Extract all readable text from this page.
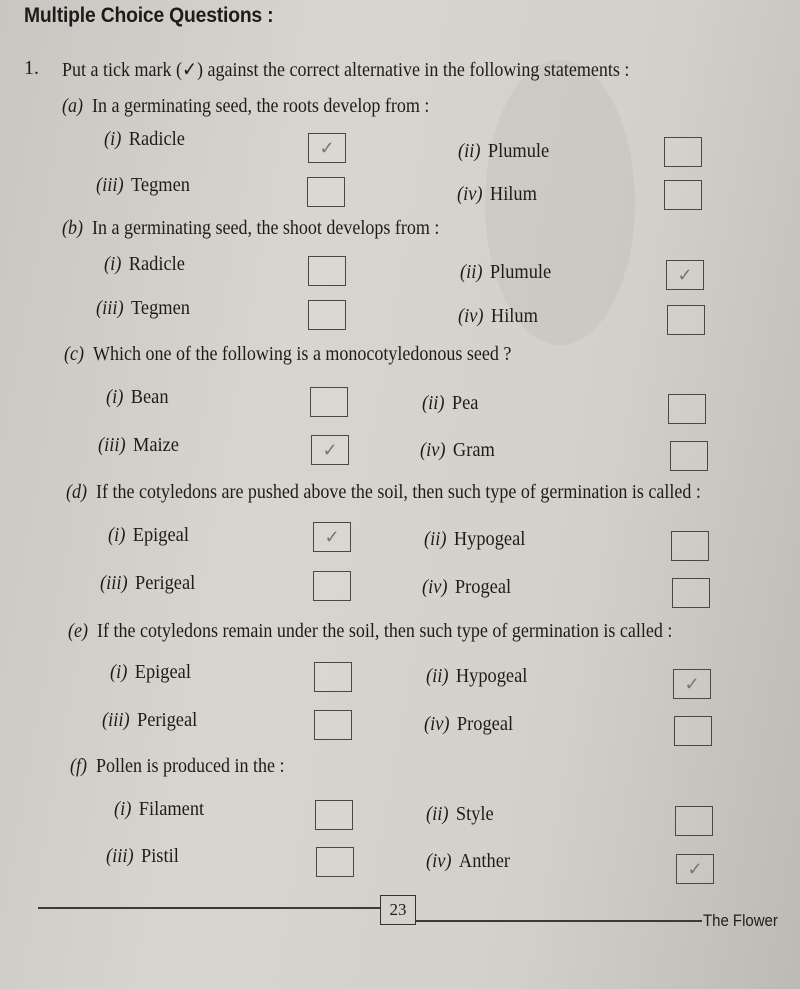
Multiple Choice Questions :
1. Put a tick mark (✓) against the correct alternative in the following statements :
(a) In a germinating seed, the roots develop from :
(i) Radicle	✓	(ii) Plumule
(iii) Tegmen	(iv) Hilum
(b) In a germinating seed, the shoot develops from :
(i) Radicle	(ii) Plumule	✓
(iii) Tegmen	(iv) Hilum
(c) Which one of the following is a monocotyledonous seed ?
(i) Bean	(ii) Pea
(iii) Maize	✓	(iv) Gram
(d) If the cotyledons are pushed above the soil, then such type of germination is called :
(i) Epigeal	✓	(ii) Hypogeal
(iii) Perigeal	(iv) Progeal
(e) If the cotyledons remain under the soil, then such type of germination is called :
(i) Epigeal	(ii) Hypogeal	✓
(iii) Perigeal	(iv) Progeal
(f) Pollen is produced in the :
(i) Filament	(ii) Style
(iii) Pistil	(iv) Anther	✓
23
The Flower
